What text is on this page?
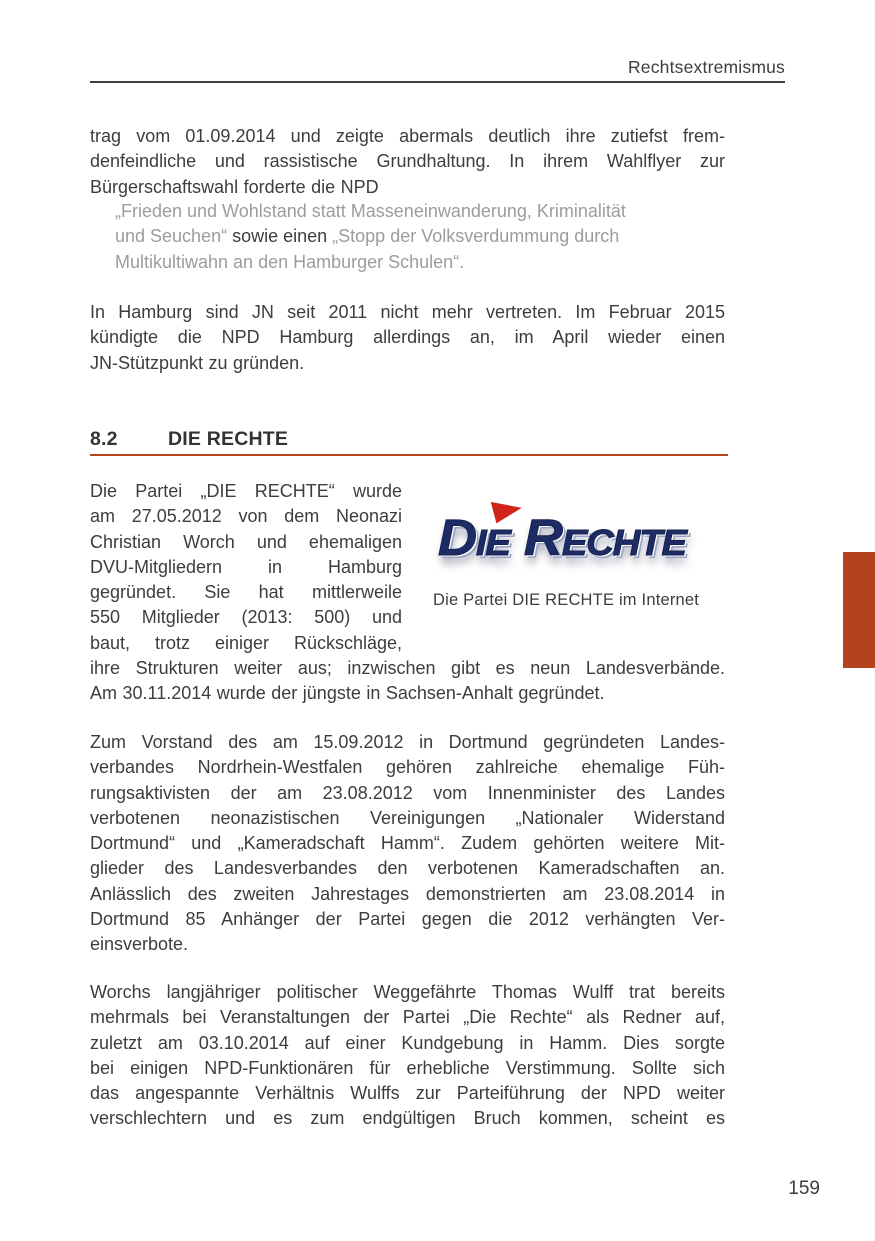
Rechtsextremismus
trag vom 01.09.2014 und zeigte abermals deutlich ihre zutiefst frem-
denfeindliche und rassistische Grundhaltung. In ihrem Wahlflyer zur
Bürgerschaftswahl forderte die NPD
„Frieden und Wohlstand statt Masseneinwanderung, Kriminalität
und Seuchen“ sowie einen „Stopp der Volksverdummung durch
Multikultiwahn an den Hamburger Schulen“.
In Hamburg sind JN seit 2011 nicht mehr vertreten. Im Februar 2015
kündigte die NPD Hamburg allerdings an, im April wieder einen
JN-Stützpunkt zu gründen.
8.2	DIE RECHTE
Die Partei „DIE RECHTE“ wurde
am 27.05.2012 von dem Neonazi
Christian Worch und ehemaligen
DVU-Mitgliedern in Hamburg
gegründet. Sie hat mittlerweile
550 Mitglieder (2013: 500) und
baut, trotz einiger Rückschläge,
Die Rechte
Die Partei DIE RECHTE im Internet
ihre Strukturen weiter aus; inzwischen gibt es neun Landesverbände.
Am 30.11.2014 wurde der jüngste in Sachsen-Anhalt gegründet.
Zum Vorstand des am 15.09.2012 in Dortmund gegründeten Landes-
verbandes Nordrhein-Westfalen gehören zahlreiche ehemalige Füh-
rungsaktivisten der am 23.08.2012 vom Innenminister des Landes
verbotenen neonazistischen Vereinigungen „Nationaler Widerstand
Dortmund“ und „Kameradschaft Hamm“. Zudem gehörten weitere Mit-
glieder des Landesverbandes den verbotenen Kameradschaften an.
Anlässlich des zweiten Jahrestages demonstrierten am 23.08.2014 in
Dortmund 85 Anhänger der Partei gegen die 2012 verhängten Ver-
einsverbote.
Worchs langjähriger politischer Weggefährte Thomas Wulff trat bereits
mehrmals bei Veranstaltungen der Partei „Die Rechte“ als Redner auf,
zuletzt am 03.10.2014 auf einer Kundgebung in Hamm. Dies sorgte
bei einigen NPD-Funktionären für erhebliche Verstimmung. Sollte sich
das angespannte Verhältnis Wulffs zur Parteiführung der NPD weiter
verschlechtern und es zum endgültigen Bruch kommen, scheint es
159
